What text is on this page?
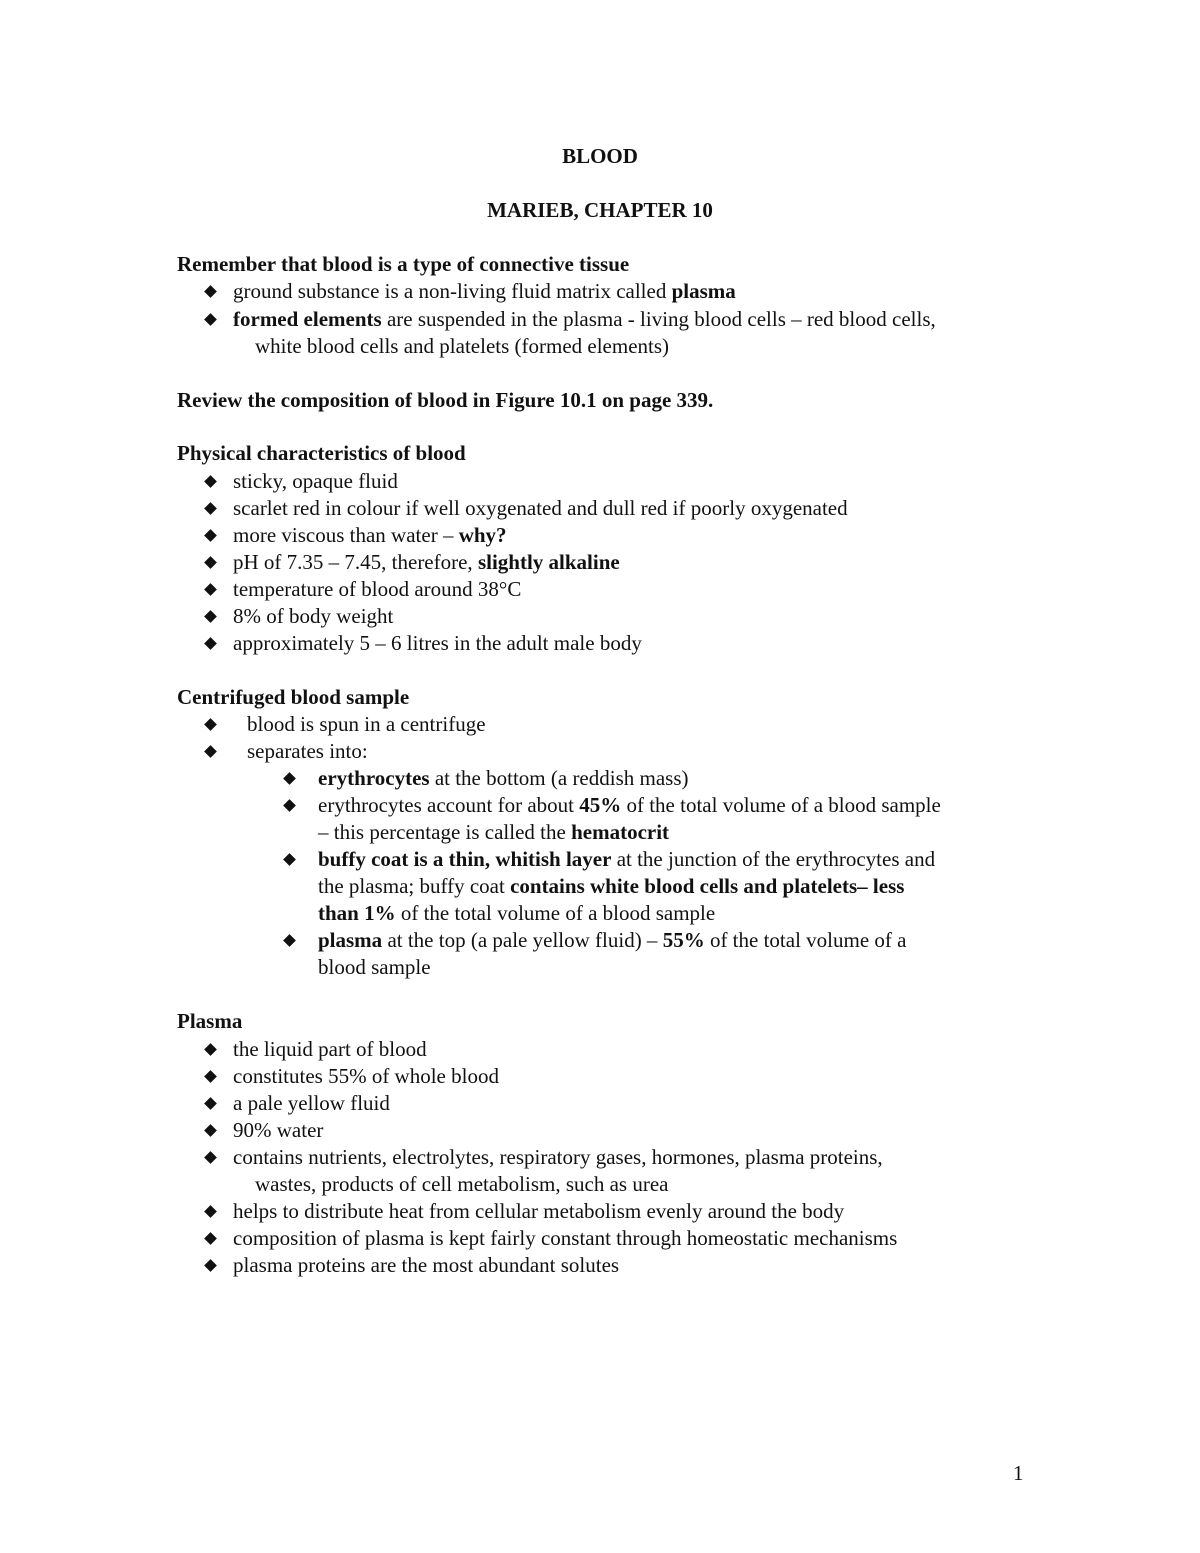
BLOOD
MARIEB, CHAPTER 10
Remember that blood is a type of connective tissue
ground substance is a non-living fluid matrix called plasma
formed elements are suspended in the plasma - living blood cells – red blood cells,
white blood cells and platelets (formed elements)
Review the composition of blood in Figure 10.1 on page 339.
Physical characteristics of blood
sticky, opaque fluid
scarlet red in colour if well oxygenated and dull red if poorly oxygenated
more viscous than water – why?
pH of 7.35 – 7.45, therefore, slightly alkaline
temperature of blood around 38°C
8% of body weight
approximately 5 – 6 litres in the adult male body
Centrifuged blood sample
blood is spun in a centrifuge
separates into:
erythrocytes at the bottom (a reddish mass)
erythrocytes account for about 45% of the total volume of a blood sample
– this percentage is called the hematocrit
buffy coat is a thin, whitish layer at the junction of the erythrocytes and
the plasma; buffy coat contains white blood cells and platelets– less
than 1% of the total volume of a blood sample
plasma at the top (a pale yellow fluid) – 55% of the total volume of a
blood sample
Plasma
the liquid part of blood
constitutes 55% of whole blood
a pale yellow fluid
90% water
contains nutrients, electrolytes, respiratory gases, hormones, plasma proteins,
wastes, products of cell metabolism, such as urea
helps to distribute heat from cellular metabolism evenly around the body
composition of plasma is kept fairly constant through homeostatic mechanisms
plasma proteins are the most abundant solutes
1
